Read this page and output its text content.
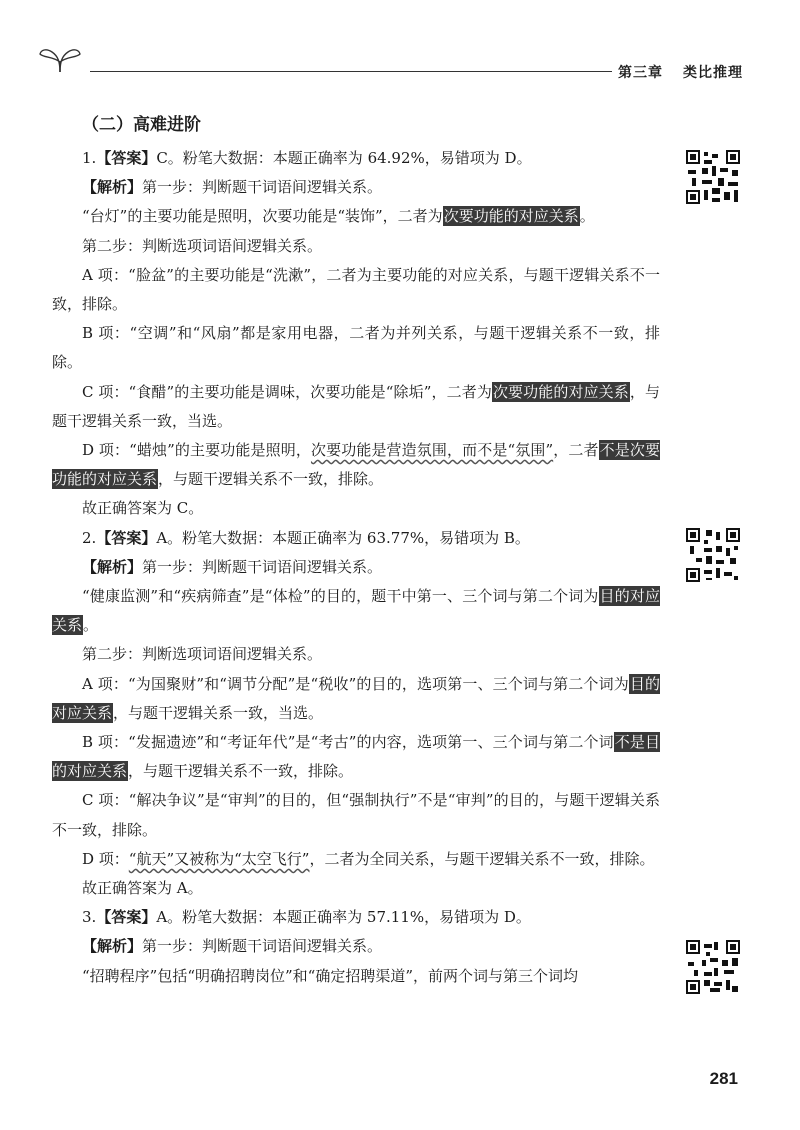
第三章 类比推理
（二）高难进阶

1.【答案】C。粉笔大数据：本题正确率为 64.92%，易错项为 D。

【解析】第一步：判断题干词语间逻辑关系。

“台灯”的主要功能是照明，次要功能是“装饰”，二者为次要功能的对应关系。

第二步：判断选项词语间逻辑关系。

A 项：“脸盆”的主要功能是“洗漱”，二者为主要功能的对应关系，与题干逻辑关系不一致，排除。

B 项：“空调”和“风扇”都是家用电器，二者为并列关系，与题干逻辑关系不一致，排除。

C 项：“食醋”的主要功能是调味，次要功能是“除垢”，二者为次要功能的对应关系，与题干逻辑关系一致，当选。

D 项：“蜡烛”的主要功能是照明，次要功能是营造氛围，而不是“氛围”，二者不是次要功能的对应关系，与题干逻辑关系不一致，排除。

故正确答案为 C。

2.【答案】A。粉笔大数据：本题正确率为 63.77%，易错项为 B。

【解析】第一步：判断题干词语间逻辑关系。

“健康监测”和“疾病筛查”是“体检”的目的，题干中第一、三个词与第二个词为目的对应关系。

第二步：判断选项词语间逻辑关系。

A 项：“为国聚财”和“调节分配”是“税收”的目的，选项第一、三个词与第二个词为目的对应关系，与题干逻辑关系一致，当选。

B 项：“发掘遗迹”和“考证年代”是“考古”的内容，选项第一、三个词与第二个词不是目的对应关系，与题干逻辑关系不一致，排除。

C 项：“解决争议”是“审判”的目的，但“强制执行”不是“审判”的目的，与题干逻辑关系不一致，排除。

D 项：“航天”又被称为“太空飞行”，二者为全同关系，与题干逻辑关系不一致，排除。

故正确答案为 A。

3.【答案】A。粉笔大数据：本题正确率为 57.11%，易错项为 D。

【解析】第一步：判断题干词语间逻辑关系。

“招聘程序”包括“明确招聘岗位”和“确定招聘渠道”，前两个词与第三个词均

281
